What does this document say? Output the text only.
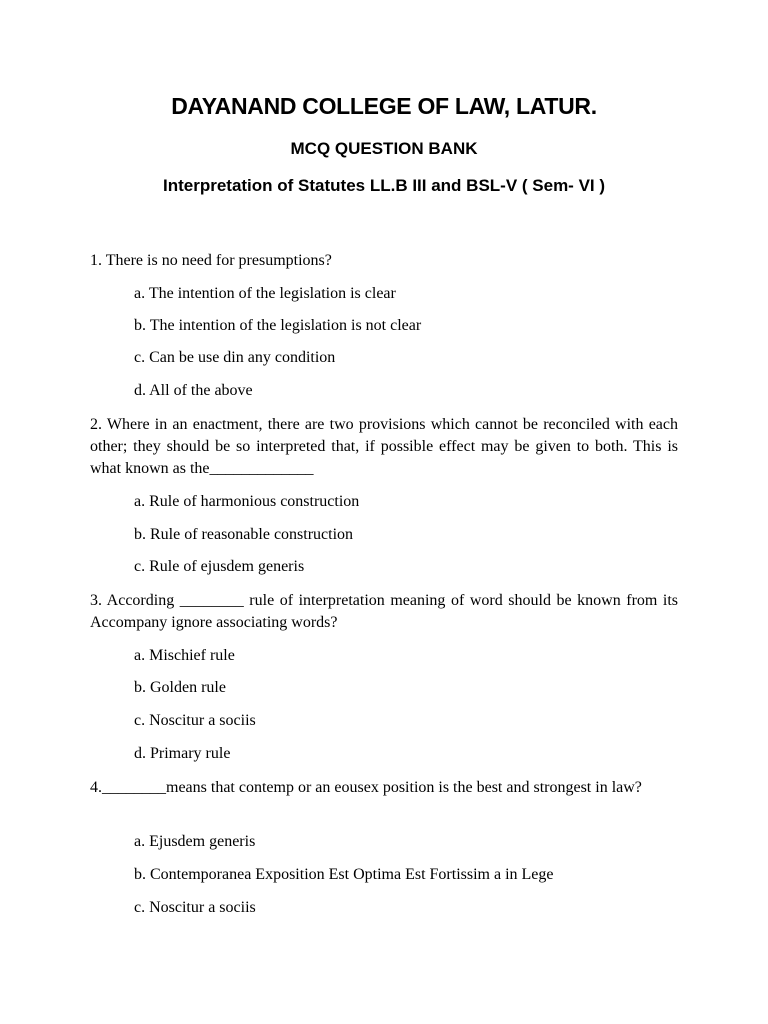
DAYANAND COLLEGE OF LAW, LATUR.
MCQ QUESTION BANK
Interpretation of Statutes LL.B III and BSL-V ( Sem- VI )
1. There is no need for presumptions?
a. The intention of the legislation is clear
b. The intention of the legislation is not clear
c. Can be use din any condition
d. All of the above
2. Where in an enactment, there are two provisions which cannot be reconciled with each other; they should be so interpreted that, if possible effect may be given to both. This is what known as the_____________
a. Rule of harmonious construction
b. Rule of reasonable construction
c. Rule of ejusdem generis
3. According ________ rule of interpretation meaning of word should be known from its Accompany ignore associating words?
a. Mischief rule
b. Golden rule
c. Noscitur a sociis
d. Primary rule
4.________means that contemp or an eousex position is the best and strongest in law?
a. Ejusdem generis
b. Contemporanea Exposition Est Optima Est Fortissim a in Lege
c. Noscitur a sociis
